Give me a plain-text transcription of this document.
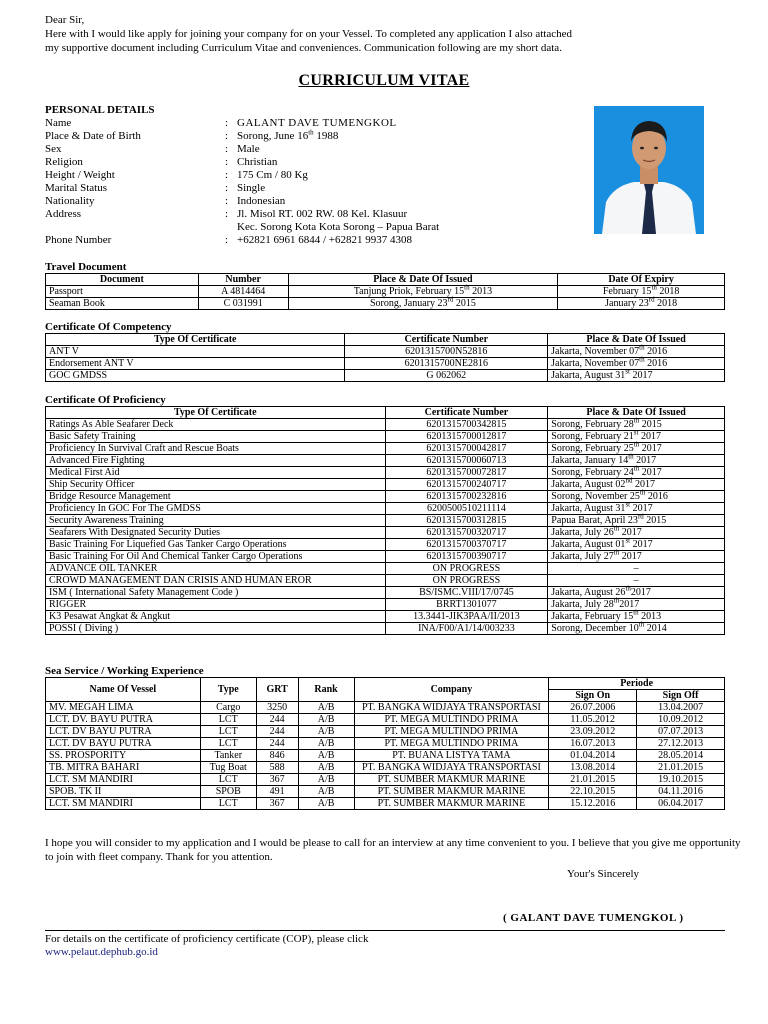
Dear Sir,
Here with I would like apply for joining your company for on your Vessel. To completed any application I also attached
my supportive document including Curriculum Vitae and conveniences. Communication following are my short data.
CURRICULUM VITAE
PERSONAL DETAILS
Name	: GALANT DAVE TUMENGKOL
Place & Date of Birth	: Sorong, June 16th 1988
Sex	: Male
Religion	: Christian
Height / Weight	: 175 Cm / 80 Kg
Marital Status	: Single
Nationality	: Indonesian
Address	: Jl. Misol RT. 002 RW. 08 Kel. Klasuur
Kec. Sorong Kota Kota Sorong – Papua Barat
Phone Number	: +62821 6961 6844 / +62821 9937 4308
Travel Document
Document	Number	Place & Date Of Issued	Date Of Expiry
Passport	A 4814464	Tanjung Priok, February 15th 2013	February 15th 2018
Seaman Book	C 031991	Sorong, January 23rd 2015	January 23rd 2018
Certificate Of Competency
Type Of Certificate	Certificate Number	Place & Date Of Issued
ANT V	6201315700N52816	Jakarta, November 07th 2016
Endorsement ANT V	6201315700NE2816	Jakarta, November 07th 2016
GOC GMDSS	G 062062	Jakarta, August 31st 2017
Certificate Of Proficiency
Type Of Certificate	Certificate Number	Place & Date Of Issued
Ratings As Able Seafarer Deck	6201315700342815	Sorong, February 28th 2015
Basic Safety Training	6201315700012817	Sorong, February 21st 2017
Proficiency In Survival Craft and Rescue Boats	6201315700042817	Sorong, February 25th 2017
Advanced Fire Fighting	6201315700060713	Jakarta, January 14th 2017
Medical First Aid	6201315700072817	Sorong, February 24th 2017
Ship Security Officer	6201315700240717	Jakarta, August 02nd 2017
Bridge Resource Management	6201315700232816	Sorong, November 25th 2016
Proficiency In GOC For The GMDSS	6200500510211114	Jakarta, August 31st 2017
Security Awareness Training	6201315700312815	Papua Barat, April 23rd 2015
Seafarers With Designated Security Duties	6201315700320717	Jakarta, July 26th 2017
Basic Training For Liquefied Gas Tanker Cargo Operations	6201315700370717	Jakarta, August 01st 2017
Basic Training For Oil And Chemical Tanker Cargo Operations	6201315700390717	Jakarta, July 27th 2017
ADVANCE OIL TANKER	ON PROGRESS	–
CROWD MANAGEMENT DAN CRISIS AND HUMAN EROR	ON PROGRESS	–
ISM ( International Safety Management Code )	BS/ISMC.VIII/17/0745	Jakarta, August 26th2017
RIGGER	BRRT1301077	Jakarta, July 28th2017
K3 Pesawat Angkat & Angkut	13.3441-JIK3PAA/II/2013	Jakarta, February 15th 2013
POSSI ( Diving )	INA/F00/A1/14/003233	Sorong, December 10th 2014
Sea Service / Working Experience
Name Of Vessel	Type	GRT	Rank	Company	Periode	
					Sign On	Sign Off
MV. MEGAH LIMA	Cargo	3250	A/B	PT. BANGKA WIDJAYA TRANSPORTASI	26.07.2006	13.04.2007
LCT. DV. BAYU PUTRA	LCT	244	A/B	PT. MEGA MULTINDO PRIMA	11.05.2012	10.09.2012
LCT. DV BAYU PUTRA	LCT	244	A/B	PT. MEGA MULTINDO PRIMA	23.09.2012	07.07.2013
LCT. DV BAYU PUTRA	LCT	244	A/B	PT. MEGA MULTINDO PRIMA	16.07.2013	27.12.2013
SS. PROSPORITY	Tanker	846	A/B	PT. BUANA LISTYA TAMA	01.04.2014	28.05.2014
TB. MITRA BAHARI	Tug Boat	588	A/B	PT. BANGKA WIDJAYA TRANSPORTASI	13.08.2014	21.01.2015
LCT. SM MANDIRI	LCT	367	A/B	PT. SUMBER MAKMUR MARINE	21.01.2015	19.10.2015
SPOB. TK II	SPOB	491	A/B	PT. SUMBER MAKMUR MARINE	22.10.2015	04.11.2016
LCT. SM MANDIRI	LCT	367	A/B	PT. SUMBER MAKMUR MARINE	15.12.2016	06.04.2017
I hope you will consider to my application and I would be please to call for an interview at any time convenient to you. I believe that you give me opportunity to join with fleet company. Thank for you attention.
Your's Sincerely
( GALANT DAVE TUMENGKOL )
For details on the certificate of proficiency certificate (COP), please click
www.pelaut.dephub.go.id
